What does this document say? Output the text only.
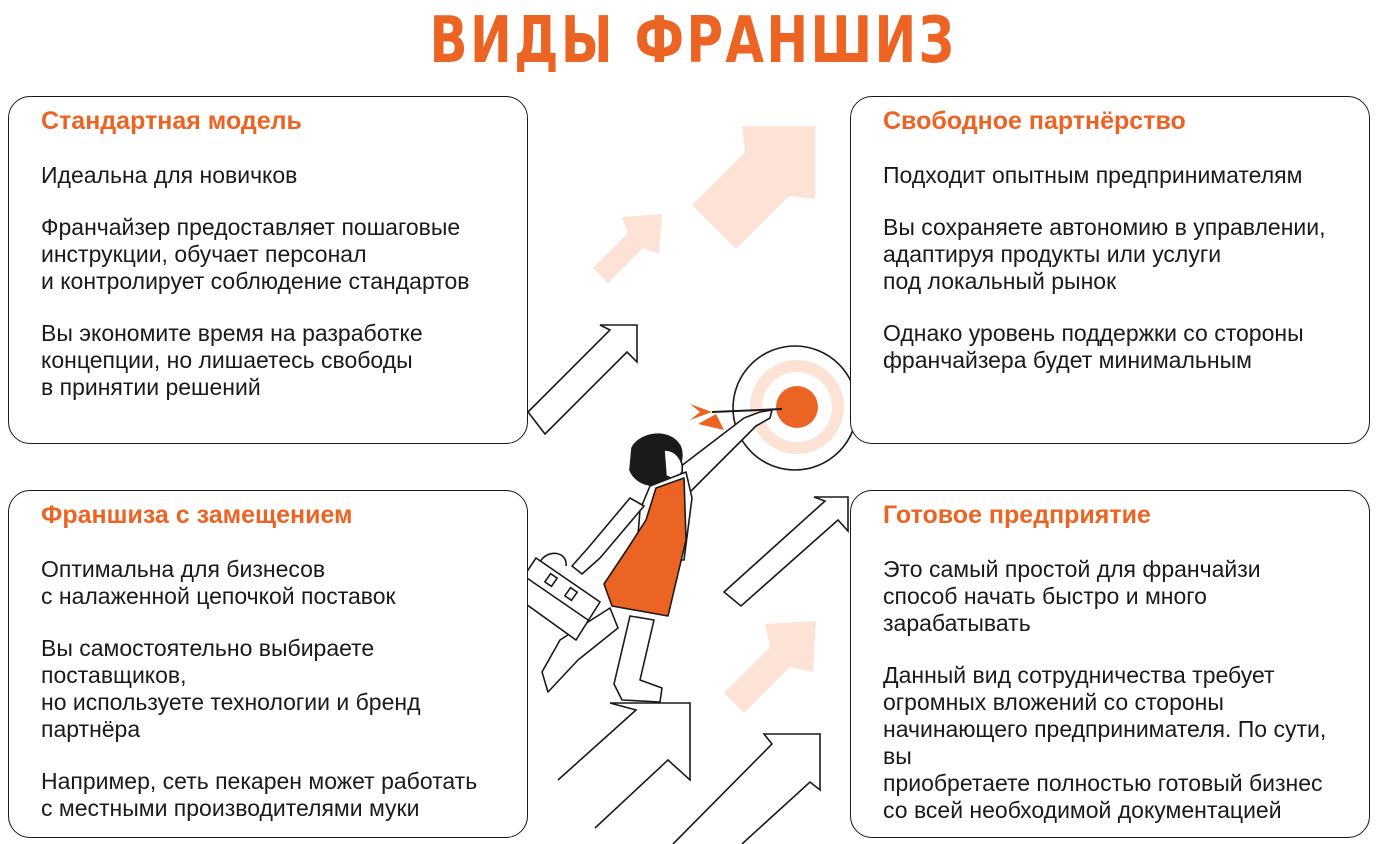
ВИДЫ ФРАНШИЗ
Стандартная модель

Идеальна для новичков

Франчайзер предоставляет пошаговые
инструкции, обучает персонал
и контролирует соблюдение стандартов

Вы экономите время на разработке
концепции, но лишаетесь свободы
в принятии решений

Свободное партнёрство

Подходит опытным предпринимателям

Вы сохраняете автономию в управлении,
адаптируя продукты или услуги
под локальный рынок

Однако уровень поддержки со стороны
франчайзера будет минимальным

Франшиза с замещением

Оптимальна для бизнесов
с налаженной цепочкой поставок

Вы самостоятельно выбираете поставщиков,
но используете технологии и бренд партнёра

Например, сеть пекарен может работать
с местными производителями муки

Готовое предприятие

Это самый простой для франчайзи
способ начать быстро и много зарабатывать

Данный вид сотрудничества требует
огромных вложений со стороны
начинающего предпринимателя. По сути, вы
приобретаете полностью готовый бизнес
со всей необходимой документацией
